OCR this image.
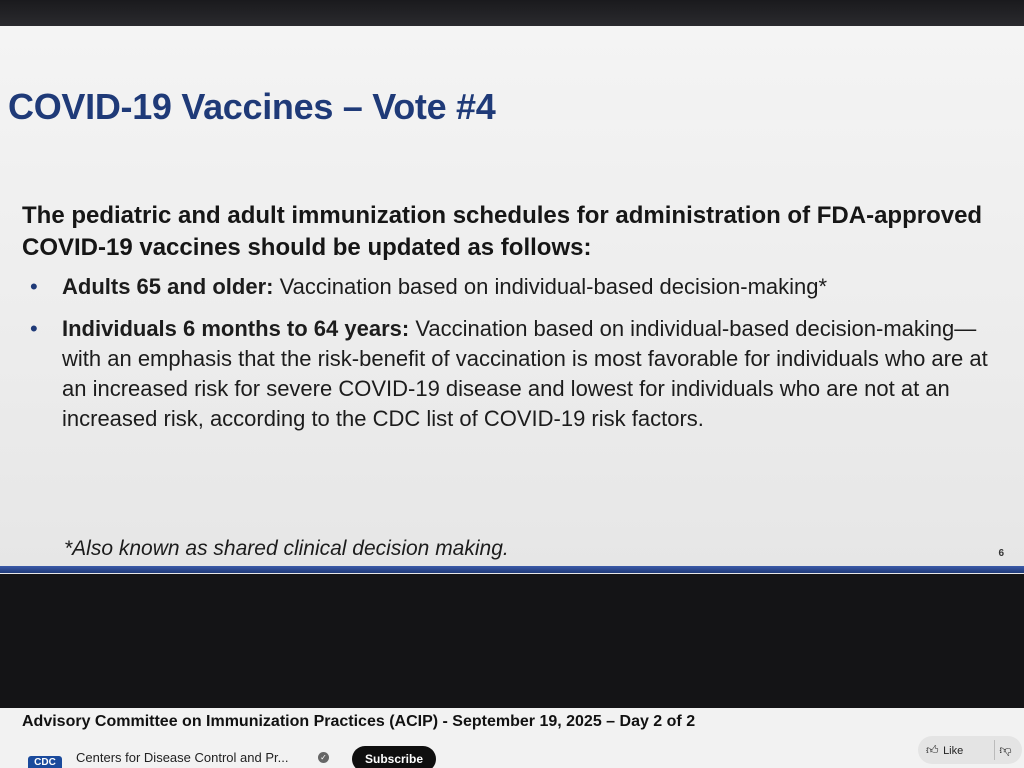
COVID-19 Vaccines – Vote #4
The pediatric and adult immunization schedules for administration of FDA-approved COVID-19 vaccines should be updated as follows:
• Adults 65 and older: Vaccination based on individual-based decision-making*
• Individuals 6 months to 64 years: Vaccination based on individual-based decision-making—with an emphasis that the risk-benefit of vaccination is most favorable for individuals who are at an increased risk for severe COVID-19 disease and lowest for individuals who are not at an increased risk, according to the CDC list of COVID-19 risk factors.
*Also known as shared clinical decision making.	6
Advisory Committee on Immunization Practices (ACIP) - September 19, 2025 – Day 2 of 2
CDC	Centers for Disease Control and Pr...	✓	Subscribe
👍︎ Like	👎︎
